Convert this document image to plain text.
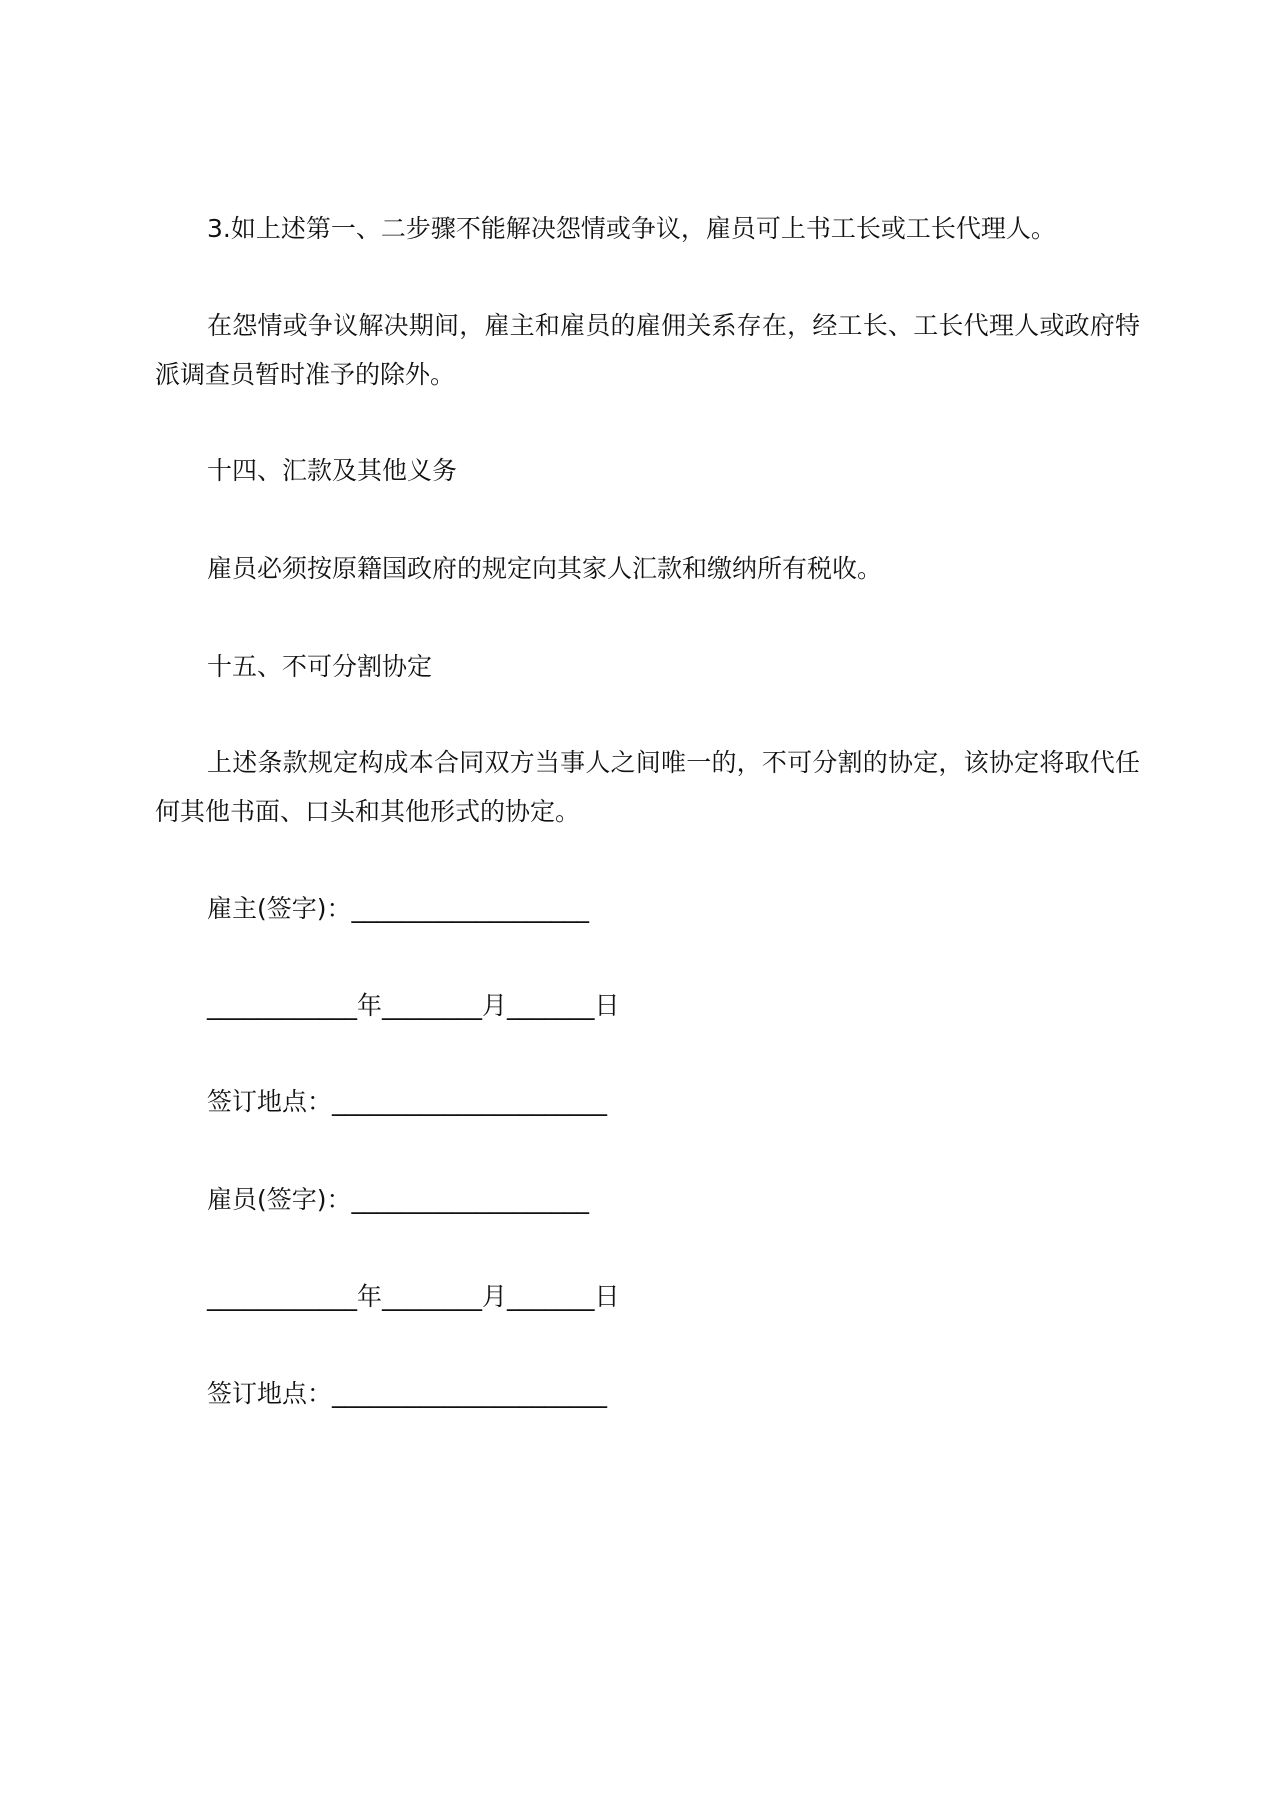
3.如上述第一、二步骤不能解决怨情或争议，雇员可上书工长或工长代理人。

在怨情或争议解决期间，雇主和雇员的雇佣关系存在，经工长、工长代理人或政府特派调查员暂时准予的除外。

十四、汇款及其他义务

雇员必须按原籍国政府的规定向其家人汇款和缴纳所有税收。

十五、不可分割协定

上述条款规定构成本合同双方当事人之间唯一的，不可分割的协定，该协定将取代任何其他书面、口头和其他形式的协定。

雇主(签字)：___________________

____________年________月_______日

签订地点：______________________

雇员(签字)：___________________

____________年________月_______日

签订地点：______________________
